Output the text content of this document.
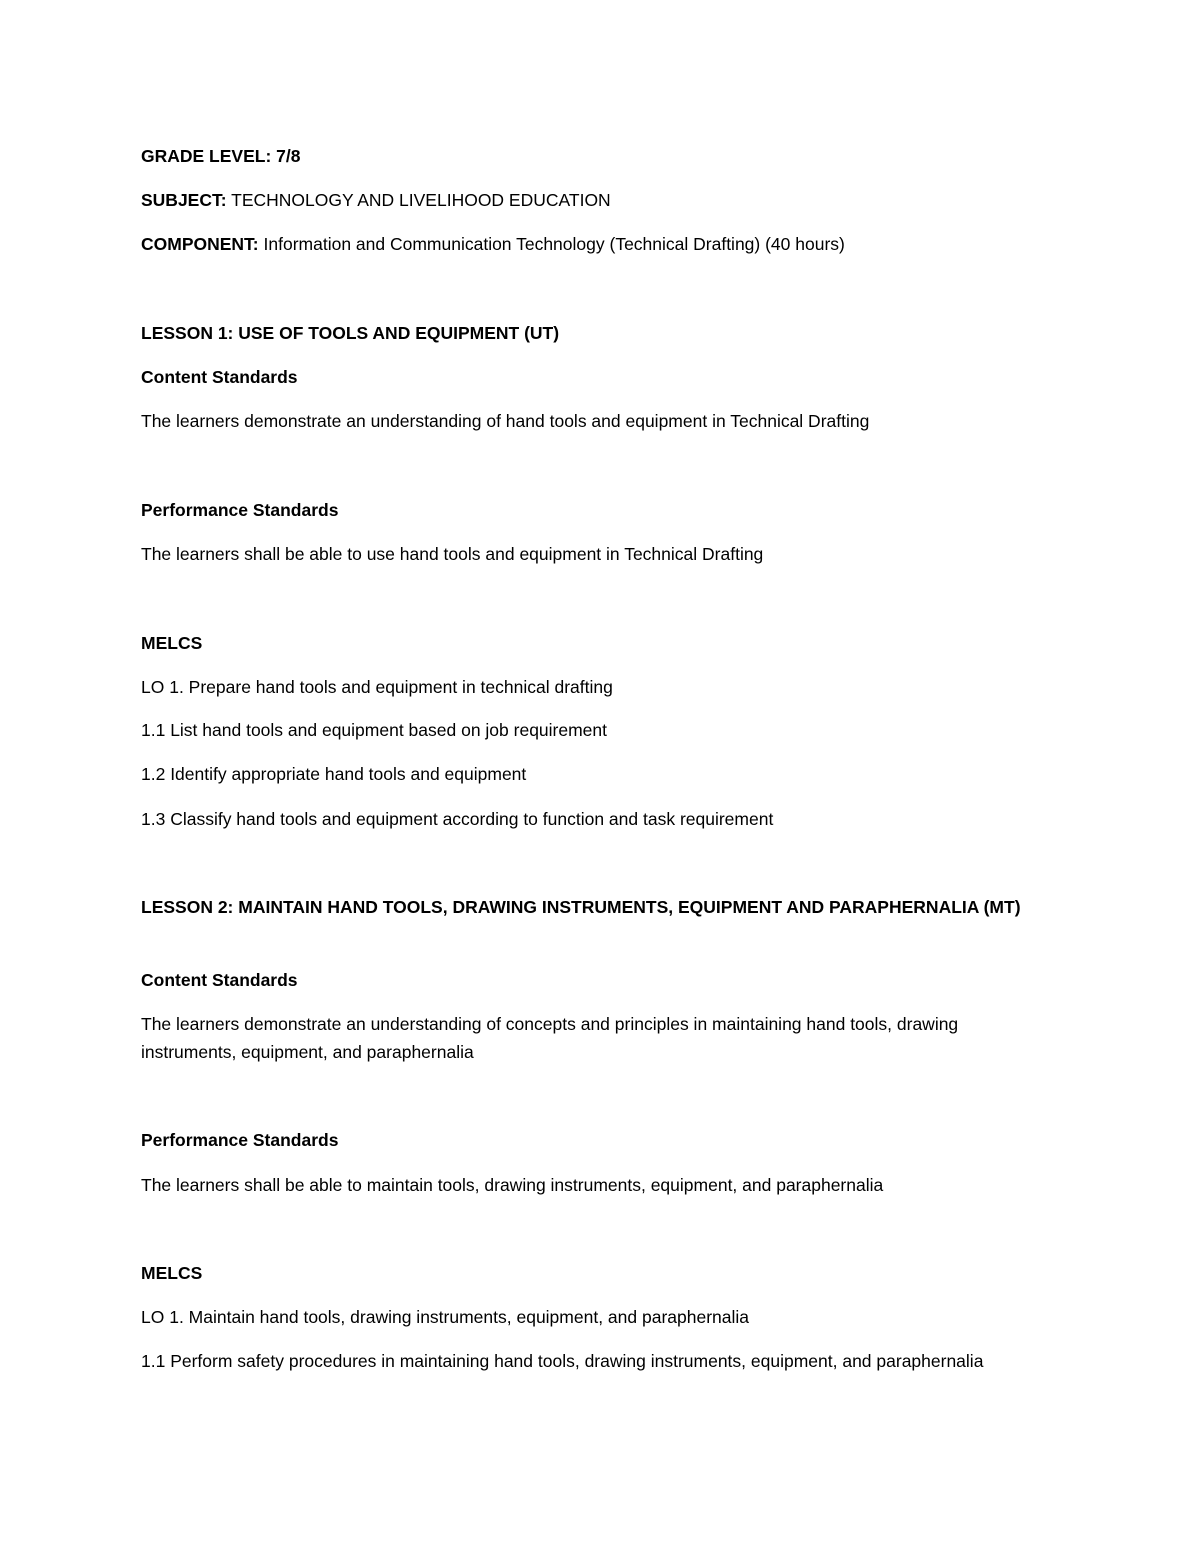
GRADE LEVEL: 7/8
SUBJECT: TECHNOLOGY AND LIVELIHOOD EDUCATION
COMPONENT: Information and Communication Technology (Technical Drafting) (40 hours)
LESSON 1: USE OF TOOLS AND EQUIPMENT (UT)
Content Standards
The learners demonstrate an understanding of hand tools and equipment in Technical Drafting
Performance Standards
The learners shall be able to use hand tools and equipment in Technical Drafting
MELCS
LO 1. Prepare hand tools and equipment in technical drafting
1.1 List hand tools and equipment based on job requirement
1.2 Identify appropriate hand tools and equipment
1.3 Classify hand tools and equipment according to function and task requirement
LESSON 2: MAINTAIN HAND TOOLS, DRAWING INSTRUMENTS, EQUIPMENT AND PARAPHERNALIA (MT)
Content Standards
The learners demonstrate an understanding of concepts and principles in maintaining hand tools, drawing instruments, equipment, and paraphernalia
Performance Standards
The learners shall be able to maintain tools, drawing instruments, equipment, and paraphernalia
MELCS
LO 1. Maintain hand tools, drawing instruments, equipment, and paraphernalia
1.1 Perform safety procedures in maintaining hand tools, drawing instruments, equipment, and paraphernalia
